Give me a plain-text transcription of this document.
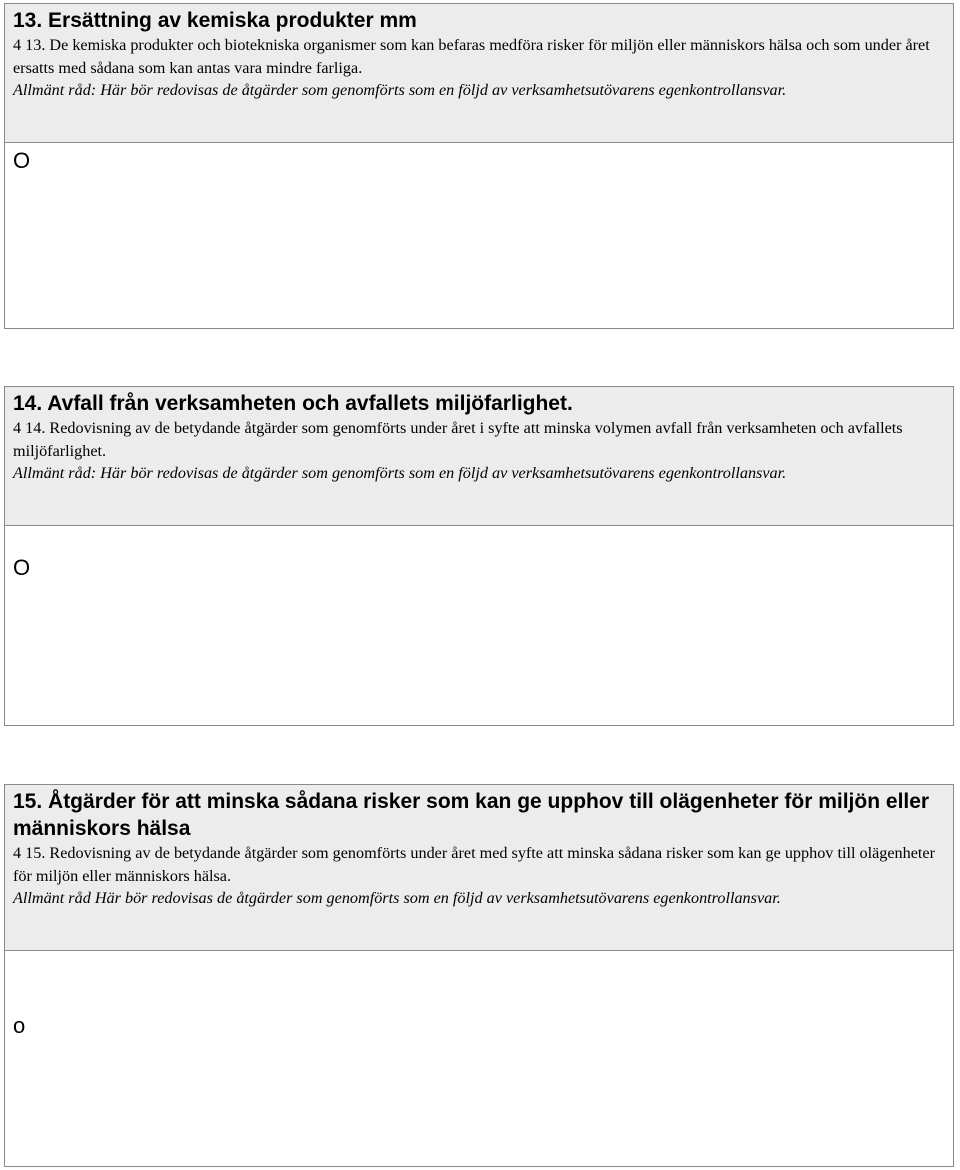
13. Ersättning av kemiska produkter mm

4 13. De kemiska produkter och biotekniska organismer som kan befaras medföra risker för miljön eller människors hälsa och som under året ersatts med sådana som kan antas vara mindre farliga.

Allmänt råd: Här bör redovisas de åtgärder som genomförts som en följd av verksamhetsutövarens egenkontrollansvar.

O

14. Avfall från verksamheten och avfallets miljöfarlighet.

4 14. Redovisning av de betydande åtgärder som genomförts under året i syfte att minska volymen avfall från verksamheten och avfallets miljöfarlighet.

Allmänt råd: Här bör redovisas de åtgärder som genomförts som en följd av verksamhetsutövarens egenkontrollansvar.

O

15. Åtgärder för att minska sådana risker som kan ge upphov till olägenheter för miljön eller människors hälsa

4 15. Redovisning av de betydande åtgärder som genomförts under året med syfte att minska sådana risker som kan ge upphov till olägenheter för miljön eller människors hälsa.

Allmänt råd Här bör redovisas de åtgärder som genomförts som en följd av verksamhetsutövarens egenkontrollansvar.

o
